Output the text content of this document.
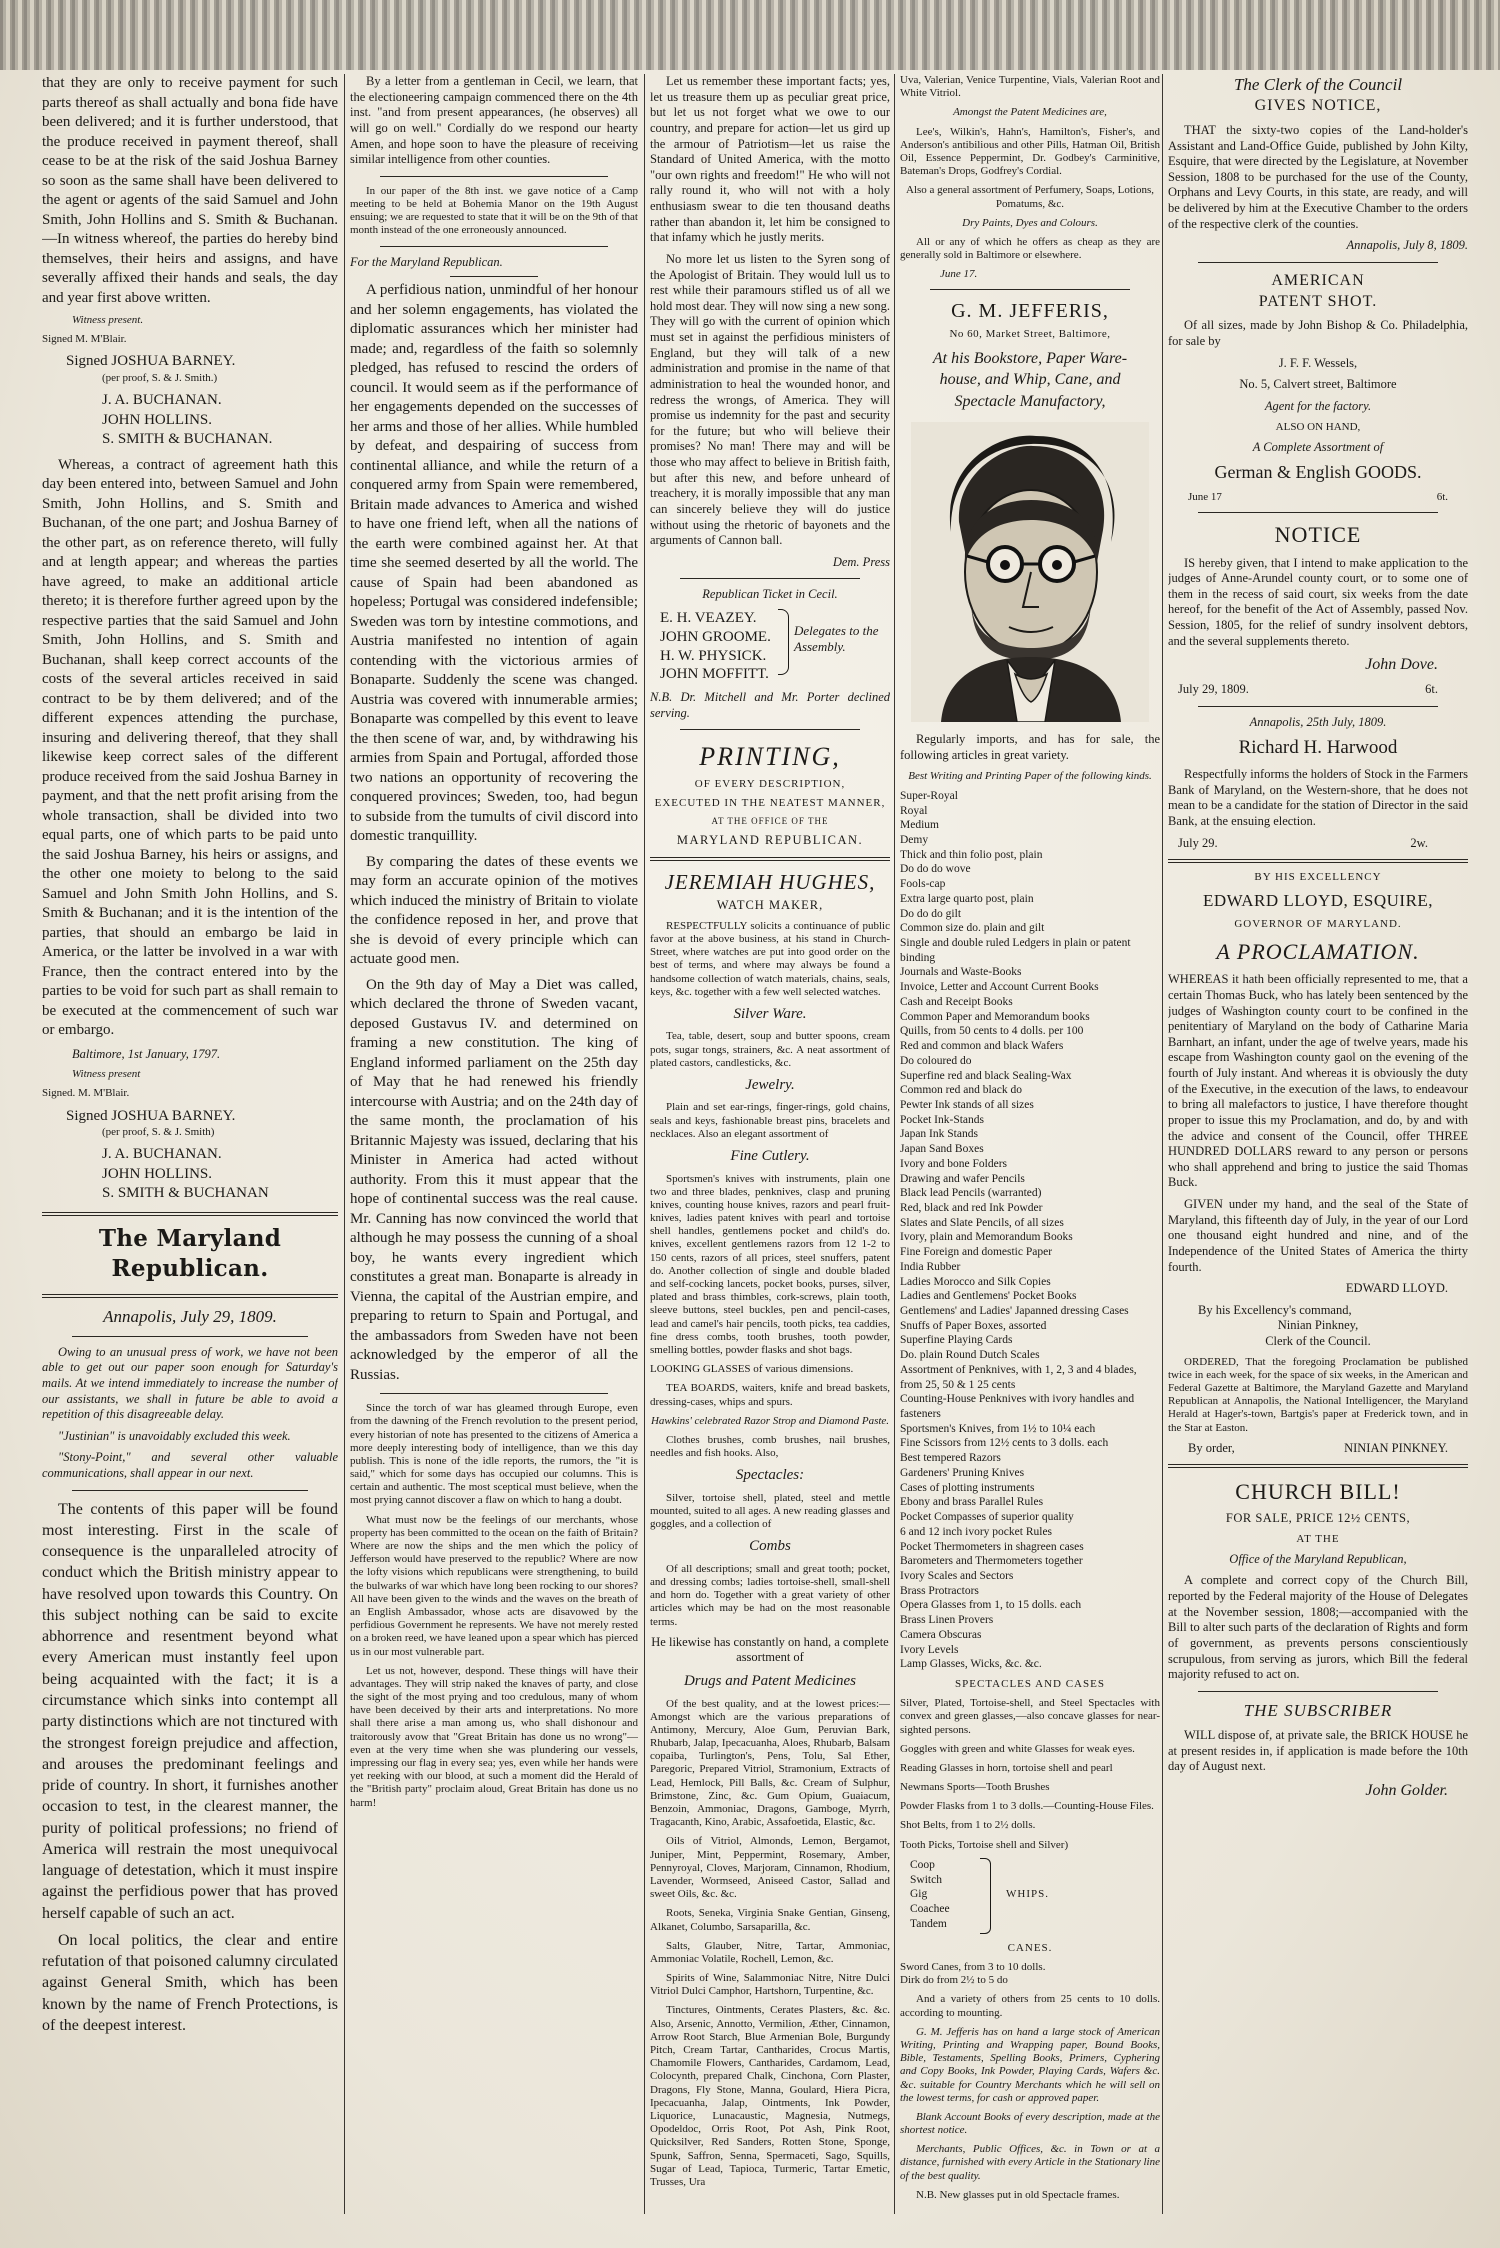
that they are only to receive payment for such parts thereof as shall actually and bona fide have been delivered; and it is further understood, that the produce received in payment thereof, shall cease to be at the risk of the said Joshua Barney so soon as the same shall have been delivered to the agent or agents of the said Samuel and John Smith, John Hollins and S. Smith & Buchanan.—In witness whereof, the parties do hereby bind themselves, their heirs and assigns, and have severally affixed their hands and seals, the day and year first above written.

Witness present.

Signed M. M'Blair.

Signed JOSHUA BARNEY.

(per proof, S. & J. Smith.)

J. A. BUCHANAN.

JOHN HOLLINS.

S. SMITH & BUCHANAN.

Whereas, a contract of agreement hath this day been entered into, between Samuel and John Smith, John Hollins, and S. Smith and Buchanan, of the one part; and Joshua Barney of the other part, as on reference thereto, will fully and at length appear; and whereas the parties have agreed, to make an additional article thereto; it is therefore further agreed upon by the respective parties that the said Samuel and John Smith, John Hollins, and S. Smith and Buchanan, shall keep correct accounts of the costs of the several articles received in said contract to be by them delivered; and of the different expences attending the purchase, insuring and delivering thereof, that they shall likewise keep correct sales of the different produce received from the said Joshua Barney in payment, and that the nett profit arising from the whole transaction, shall be divided into two equal parts, one of which parts to be paid unto the said Joshua Barney, his heirs or assigns, and the other one moiety to belong to the said Samuel and John Smith John Hollins, and S. Smith & Buchanan; and it is the intention of the parties, that should an embargo be laid in America, or the latter be involved in a war with France, then the contract entered into by the parties to be void for such part as shall remain to be executed at the commencement of such war or embargo.

Baltimore, 1st January, 1797.

Witness present

Signed. M. M'Blair.

Signed JOSHUA BARNEY.

(per proof, S. & J. Smith)

J. A. BUCHANAN.

JOHN HOLLINS.

S. SMITH & BUCHANAN

The Maryland Republican.
Annapolis, July 29, 1809.

Owing to an unusual press of work, we have not been able to get out our paper soon enough for Saturday's mails. At we intend immediately to increase the number of our assistants, we shall in future be able to avoid a repetition of this disagreeable delay.

"Justinian" is unavoidably excluded this week.

"Stony-Point," and several other valuable communications, shall appear in our next.

The contents of this paper will be found most interesting. First in the scale of consequence is the unparalleled atrocity of conduct which the British ministry appear to have resolved upon towards this Country. On this subject nothing can be said to excite abhorrence and resentment beyond what every American must instantly feel upon being acquainted with the fact; it is a circumstance which sinks into contempt all party distinctions which are not tinctured with the strongest foreign prejudice and affection, and arouses the predominant feelings and pride of country. In short, it furnishes another occasion to test, in the clearest manner, the purity of political professions; no friend of America will restrain the most unequivocal language of detestation, which it must inspire against the perfidious power that has proved herself capable of such an act.

On local politics, the clear and entire refutation of that poisoned calumny circulated against General Smith, which has been known by the name of French Protections, is of the deepest interest.

By a letter from a gentleman in Cecil, we learn, that the electioneering campaign commenced there on the 4th inst. "and from present appearances, (he observes) all will go on well." Cordially do we respond our hearty Amen, and hope soon to have the pleasure of receiving similar intelligence from other counties.

In our paper of the 8th inst. we gave notice of a Camp meeting to be held at Bohemia Manor on the 19th August ensuing; we are requested to state that it will be on the 9th of that month instead of the one erroneously announced.

For the Maryland Republican.

A perfidious nation, unmindful of her honour and her solemn engagements, has violated the diplomatic assurances which her minister had made; and, regardless of the faith so solemnly pledged, has refused to rescind the orders of council. It would seem as if the performance of her engagements depended on the successes of her arms and those of her allies. While humbled by defeat, and despairing of success from continental alliance, and while the return of a conquered army from Spain were remembered, Britain made advances to America and wished to have one friend left, when all the nations of the earth were combined against her. At that time she seemed deserted by all the world. The cause of Spain had been abandoned as hopeless; Portugal was considered indefensible; Sweden was torn by intestine commotions, and Austria manifested no intention of again contending with the victorious armies of Bonaparte. Suddenly the scene was changed. Austria was covered with innumerable armies; Bonaparte was compelled by this event to leave the then scene of war, and, by withdrawing his armies from Spain and Portugal, afforded those two nations an opportunity of recovering the conquered provinces; Sweden, too, had begun to subside from the tumults of civil discord into domestic tranquillity.

By comparing the dates of these events we may form an accurate opinion of the motives which induced the ministry of Britain to violate the confidence reposed in her, and prove that she is devoid of every principle which can actuate good men.

On the 9th day of May a Diet was called, which declared the throne of Sweden vacant, deposed Gustavus IV. and determined on framing a new constitution. The king of England informed parliament on the 25th day of May that he had renewed his friendly intercourse with Austria; and on the 24th day of the same month, the proclamation of his Britannic Majesty was issued, declaring that his Minister in America had acted without authority. From this it must appear that the hope of continental success was the real cause. Mr. Canning has now convinced the world that although he may possess the cunning of a shoal boy, he wants every ingredient which constitutes a great man. Bonaparte is already in Vienna, the capital of the Austrian empire, and preparing to return to Spain and Portugal, and the ambassadors from Sweden have not been acknowledged by the emperor of all the Russias.

Since the torch of war has gleamed through Europe, even from the dawning of the French revolution to the present period, every historian of note has presented to the citizens of America a more deeply interesting body of intelligence, than we this day publish. This is none of the idle reports, the rumors, the "it is said," which for some days has occupied our columns. This is certain and authentic. The most sceptical must believe, when the most prying cannot discover a flaw on which to hang a doubt.

What must now be the feelings of our merchants, whose property has been committed to the ocean on the faith of Britain? Where are now the ships and the men which the policy of Jefferson would have preserved to the republic? Where are now the lofty visions which republicans were strengthening, to build the bulwarks of war which have long been rocking to our shores? All have been given to the winds and the waves on the breath of an English Ambassador, whose acts are disavowed by the perfidious Government he represents. We have not merely rested on a broken reed, we have leaned upon a spear which has pierced us in our most vulnerable part.

Let us not, however, despond. These things will have their advantages. They will strip naked the knaves of party, and close the sight of the most prying and too credulous, many of whom have been deceived by their arts and interpretations. No more shall there arise a man among us, who shall dishonour and traitorously avow that "Great Britain has done us no wrong"—even at the very time when she was plundering our vessels, impressing our flag in every sea; yes, even while her hands were yet reeking with our blood, at such a moment did the Herald of the "British party" proclaim aloud, Great Britain has done us no harm!

Let us remember these important facts; yes, let us treasure them up as peculiar great price, but let us not forget what we owe to our country, and prepare for action—let us gird up the armour of Patriotism—let us raise the Standard of United America, with the motto "our own rights and freedom!" He who will not rally round it, who will not with a holy enthusiasm swear to die ten thousand deaths rather than abandon it, let him be consigned to that infamy which he justly merits.

No more let us listen to the Syren song of the Apologist of Britain. They would lull us to rest while their paramours stifled us of all we hold most dear. They will now sing a new song. They will go with the current of opinion which must set in against the perfidious ministers of England, but they will talk of a new administration and promise in the name of that administration to heal the wounded honor, and redress the wrongs, of America. They will promise us indemnity for the past and security for the future; but who will believe their promises? No man! There may and will be those who may affect to believe in British faith, but after this new, and before unheard of treachery, it is morally impossible that any man can sincerely believe they will do justice without using the rhetoric of bayonets and the arguments of Cannon ball.

Dem. Press

Republican Ticket in Cecil.

E. H. VEAZEY.
JOHN GROOME.
H. W. PHYSICK.
JOHN MOFFITT.
Delegates to the Assembly.

N.B. Dr. Mitchell and Mr. Porter declined serving.

PRINTING,

OF EVERY DESCRIPTION,

EXECUTED IN THE NEATEST MANNER,

AT THE OFFICE OF THE

MARYLAND REPUBLICAN.

JEREMIAH HUGHES,

WATCH MAKER,

RESPECTFULLY solicits a continuance of public favor at the above business, at his stand in Church-Street, where watches are put into good order on the best of terms, and where may always be found a handsome collection of watch materials, chains, seals, keys, &c. together with a few well selected watches.

Silver Ware.

Tea, table, desert, soup and butter spoons, cream pots, sugar tongs, strainers, &c. A neat assortment of plated castors, candlesticks, &c.

Jewelry.

Plain and set ear-rings, finger-rings, gold chains, seals and keys, fashionable breast pins, bracelets and necklaces. Also an elegant assortment of

Fine Cutlery.

Sportsmen's knives with instruments, plain one two and three blades, penknives, clasp and pruning knives, counting house knives, razors and pearl fruit-knives, ladies patent knives with pearl and tortoise shell handles, gentlemens pocket and child's do. knives, excellent gentlemens razors from 12 1-2 to 150 cents, razors of all prices, steel snuffers, patent do. Another collection of single and double bladed and self-cocking lancets, pocket books, purses, silver, plated and brass thimbles, cork-screws, plain tooth, sleeve buttons, steel buckles, pen and pencil-cases, lead and camel's hair pencils, tooth picks, tea caddies, fine dress combs, tooth brushes, tooth powder, smelling bottles, powder flasks and shot bags.

LOOKING GLASSES of various dimensions.

TEA BOARDS, waiters, knife and bread baskets, dressing-cases, whips and spurs.

Hawkins' celebrated Razor Strop and Diamond Paste.

Clothes brushes, comb brushes, nail brushes, needles and fish hooks. Also,

Spectacles:

Silver, tortoise shell, plated, steel and mettle mounted, suited to all ages. A new reading glasses and goggles, and a collection of

Combs

Of all descriptions; small and great tooth; pocket, and dressing combs; ladies tortoise-shell, small-shell and horn do. Together with a great variety of other articles which may be had on the most reasonable terms.

He likewise has constantly on hand, a complete assortment of

Drugs and Patent Medicines

Of the best quality, and at the lowest prices:—Amongst which are the various preparations of Antimony, Mercury, Aloe Gum, Peruvian Bark, Rhubarb, Jalap, Ipecacuanha, Aloes, Rhubarb, Balsam copaiba, Turlington's, Pens, Tolu, Sal Ether, Paregoric, Prepared Vitriol, Stramonium, Extracts of Lead, Hemlock, Pill Balls, &c. Cream of Sulphur, Brimstone, Zinc, &c. Gum Opium, Guaiacum, Benzoin, Ammoniac, Dragons, Gamboge, Myrrh, Tragacanth, Kino, Arabic, Assafoetida, Elastic, &c.

Oils of Vitriol, Almonds, Lemon, Bergamot, Juniper, Mint, Peppermint, Rosemary, Amber, Pennyroyal, Cloves, Marjoram, Cinnamon, Rhodium, Lavender, Wormseed, Aniseed Castor, Sallad and sweet Oils, &c. &c.

Roots, Seneka, Virginia Snake Gentian, Ginseng, Alkanet, Columbo, Sarsaparilla, &c.

Salts, Glauber, Nitre, Tartar, Ammoniac, Ammoniac Volatile, Rochell, Lemon, &c.

Spirits of Wine, Salammoniac Nitre, Nitre Dulci Vitriol Dulci Camphor, Hartshorn, Turpentine, &c.

Tinctures, Ointments, Cerates Plasters, &c. &c. Also, Arsenic, Annotto, Vermilion, Æther, Cinnamon, Arrow Root Starch, Blue Armenian Bole, Burgundy Pitch, Cream Tartar, Cantharides, Crocus Martis, Chamomile Flowers, Cantharides, Cardamom, Lead, Colocynth, prepared Chalk, Cinchona, Corn Plaster, Dragons, Fly Stone, Manna, Goulard, Hiera Picra, Ipecacuanha, Jalap, Ointments, Ink Powder, Liquorice, Lunacaustic, Magnesia, Nutmegs, Opodeldoc, Orris Root, Pot Ash, Pink Root, Quicksilver, Red Sanders, Rotten Stone, Sponge, Spunk, Saffron, Senna, Spermaceti, Sago, Squills, Sugar of Lead, Tapioca, Turmeric, Tartar Emetic, Trusses, Ura

Uva, Valerian, Venice Turpentine, Vials, Valerian Root and White Vitriol.

Amongst the Patent Medicines are,

Lee's, Wilkin's, Hahn's, Hamilton's, Fisher's, and Anderson's antibilious and other Pills, Hatman Oil, British Oil, Essence Peppermint, Dr. Godbey's Carminitive, Bateman's Drops, Godfrey's Cordial.

Also a general assortment of Perfumery, Soaps, Lotions, Pomatums, &c.

Dry Paints, Dyes and Colours.

All or any of which he offers as cheap as they are generally sold in Baltimore or elsewhere.

June 17.

G. M. JEFFERIS,

No 60, Market Street, Baltimore,

At his Bookstore, Paper Ware-
house, and Whip, Cane, and
Spectacle Manufactory,

Regularly imports, and has for sale, the following articles in great variety.

Best Writing and Printing Paper of the following kinds.

Super-Royal
Royal
Medium
Demy
Thick and thin folio post, plain
Do do do wove
Fools-cap
Extra large quarto post, plain
Do do do gilt
Common size do. plain and gilt
Single and double ruled Ledgers in plain or patent binding
Journals and Waste-Books
Invoice, Letter and Account Current Books
Cash and Receipt Books
Common Paper and Memorandum books
Quills, from 50 cents to 4 dolls. per 100
Red and common and black Wafers
Do coloured do
Superfine red and black Sealing-Wax
Common red and black do
Pewter Ink stands of all sizes
Pocket Ink-Stands
Japan Ink Stands
Japan Sand Boxes
Ivory and bone Folders
Drawing and wafer Pencils
Black lead Pencils (warranted)
Red, black and red Ink Powder
Slates and Slate Pencils, of all sizes
Ivory, plain and Memorandum Books
Fine Foreign and domestic Paper
India Rubber
Ladies Morocco and Silk Copies
Ladies and Gentlemens' Pocket Books
Gentlemens' and Ladies' Japanned dressing Cases
Snuffs of Paper Boxes, assorted
Superfine Playing Cards
Do. plain Round Dutch Scales
Assortment of Penknives, with 1, 2, 3 and 4 blades, from 25, 50 & 1 25 cents
Counting-House Penknives with ivory handles and fasteners
Sportsmen's Knives, from 1½ to 10¼ each
Fine Scissors from 12½ cents to 3 dolls. each
Best tempered Razors
Gardeners' Pruning Knives
Cases of plotting instruments
Ebony and brass Parallel Rules
Pocket Compasses of superior quality
6 and 12 inch ivory pocket Rules
Pocket Thermometers in shagreen cases
Barometers and Thermometers together
Ivory Scales and Sectors
Brass Protractors
Opera Glasses from 1, to 15 dolls. each
Brass Linen Provers
Camera Obscuras
Ivory Levels
Lamp Glasses, Wicks, &c. &c.

SPECTACLES AND CASES

Silver, Plated, Tortoise-shell, and Steel Spectacles with convex and green glasses,—also concave glasses for near-sighted persons.

Goggles with green and white Glasses for weak eyes.

Reading Glasses in horn, tortoise shell and pearl

Newmans Sports—Tooth Brushes

Powder Flasks from 1 to 3 dolls.—Counting-House Files.

Shot Belts, from 1 to 2½ dolls.

Tooth Picks, Tortoise shell and Silver)

Coop
Switch
Gig
Coachee
Tandem
WHIPS.

CANES.

Sword Canes, from 3 to 10 dolls.

Dirk do from 2½ to 5 do

And a variety of others from 25 cents to 10 dolls. according to mounting.

G. M. Jefferis has on hand a large stock of American Writing, Printing and Wrapping paper, Bound Books, Bible, Testaments, Spelling Books, Primers, Cyphering and Copy Books, Ink Powder, Playing Cards, Wafers &c. &c. suitable for Country Merchants which he will sell on the lowest terms, for cash or approved paper.

Blank Account Books of every description, made at the shortest notice.

Merchants, Public Offices, &c. in Town or at a distance, furnished with every Article in the Stationary line of the best quality.

N.B. New glasses put in old Spectacle frames.

The Clerk of the Council

GIVES NOTICE,

THAT the sixty-two copies of the Land-holder's Assistant and Land-Office Guide, published by John Kilty, Esquire, that were directed by the Legislature, at November Session, 1808 to be purchased for the use of the County, Orphans and Levy Courts, in this state, are ready, and will be delivered by him at the Executive Chamber to the orders of the respective clerk of the counties.

Annapolis, July 8, 1809.

AMERICAN

PATENT SHOT.

Of all sizes, made by John Bishop & Co. Philadelphia, for sale by

J. F. F. Wessels,

No. 5, Calvert street, Baltimore

Agent for the factory.

ALSO ON HAND,

A Complete Assortment of

German & English GOODS.

June 17	6t.

NOTICE

IS hereby given, that I intend to make application to the judges of Anne-Arundel county court, or to some one of them in the recess of said court, six weeks from the date hereof, for the benefit of the Act of Assembly, passed Nov. Session, 1805, for the relief of sundry insolvent debtors, and the several supplements thereto.

John Dove.

July 29, 1809.	6t.

Annapolis, 25th July, 1809.

Richard H. Harwood

Respectfully informs the holders of Stock in the Farmers Bank of Maryland, on the Western-shore, that he does not mean to be a candidate for the station of Director in the said Bank, at the ensuing election.

July 29.	2w.

BY HIS EXCELLENCY

EDWARD LLOYD, ESQUIRE,

GOVERNOR OF MARYLAND.

A PROCLAMATION.

WHEREAS it hath been officially represented to me, that a certain Thomas Buck, who has lately been sentenced by the judges of Washington county court to be confined in the penitentiary of Maryland on the body of Catharine Maria Barnhart, an infant, under the age of twelve years, made his escape from Washington county gaol on the evening of the fourth of July instant. And whereas it is obviously the duty of the Executive, in the execution of the laws, to endeavour to bring all malefactors to justice, I have therefore thought proper to issue this my Proclamation, and do, by and with the advice and consent of the Council, offer THREE HUNDRED DOLLARS reward to any person or persons who shall apprehend and bring to justice the said Thomas Buck.

GIVEN under my hand, and the seal of the State of Maryland, this fifteenth day of July, in the year of our Lord one thousand eight hundred and nine, and of the Independence of the United States of America the thirty fourth.

EDWARD LLOYD.

By his Excellency's command,

Ninian Pinkney,

Clerk of the Council.

ORDERED, That the foregoing Proclamation be published twice in each week, for the space of six weeks, in the American and Federal Gazette at Baltimore, the Maryland Gazette and Maryland Republican at Annapolis, the National Intelligencer, the Maryland Herald at Hager's-town, Bartgis's paper at Frederick town, and in the Star at Easton.

By order,	NINIAN PINKNEY.

CHURCH BILL!

FOR SALE, PRICE 12½ CENTS,

AT THE

Office of the Maryland Republican,

A complete and correct copy of the Church Bill, reported by the Federal majority of the House of Delegates at the November session, 1808;—accompanied with the Bill to alter such parts of the declaration of Rights and form of government, as prevents persons conscientiously scrupulous, from serving as jurors, which Bill the federal majority refused to act on.

THE SUBSCRIBER

WILL dispose of, at private sale, the BRICK HOUSE he at present resides in, if application is made before the 10th day of August next.

John Golder.
